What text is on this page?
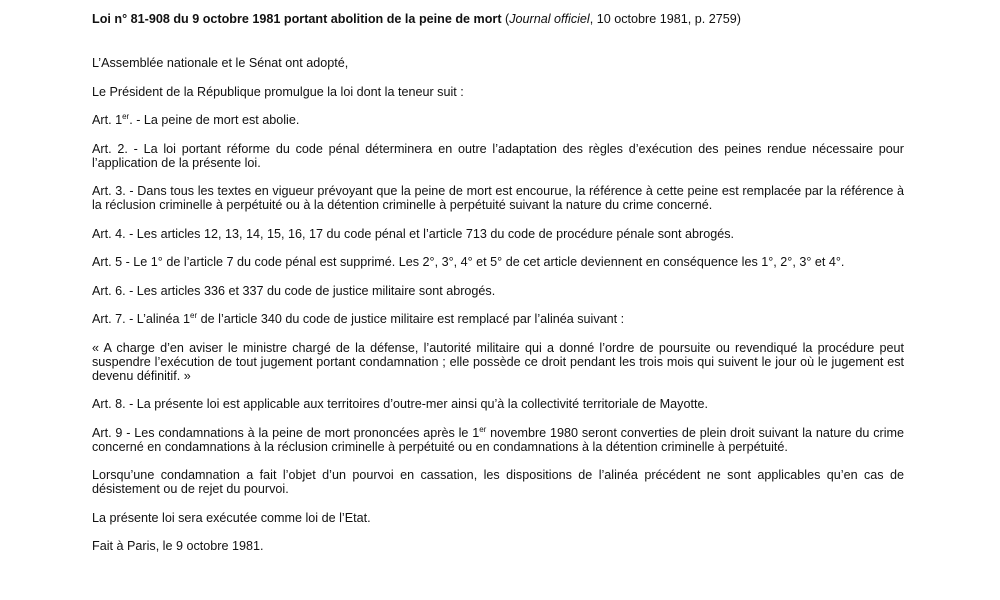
Loi n° 81-908 du 9 octobre 1981 portant abolition de la peine de mort (Journal officiel, 10 octobre 1981, p. 2759)

L’Assemblée nationale et le Sénat ont adopté,

Le Président de la République promulgue la loi dont la teneur suit :

Art. 1er. - La peine de mort est abolie.

Art. 2. - La loi portant réforme du code pénal déterminera en outre l’adaptation des règles d’exécution des peines rendue nécessaire pour l’application de la présente loi.

Art. 3. - Dans tous les textes en vigueur prévoyant que la peine de mort est encourue, la référence à cette peine est remplacée par la référence à la réclusion criminelle à perpétuité ou à la détention criminelle à perpétuité suivant la nature du crime concerné.

Art. 4. - Les articles 12, 13, 14, 15, 16, 17 du code pénal et l’article 713 du code de procédure pénale sont abrogés.

Art. 5 - Le 1° de l’article 7 du code pénal est supprimé. Les 2°, 3°, 4° et 5° de cet article deviennent en conséquence les 1°, 2°, 3° et 4°.

Art. 6. - Les articles 336 et 337 du code de justice militaire sont abrogés.

Art. 7. - L’alinéa 1er de l’article 340 du code de justice militaire est remplacé par l’alinéa suivant :

« A charge d’en aviser le ministre chargé de la défense, l’autorité militaire qui a donné l’ordre de poursuite ou revendiqué la procédure peut suspendre l’exécution de tout jugement portant condamnation ; elle possède ce droit pendant les trois mois qui suivent le jour où le jugement est devenu définitif. »

Art. 8. - La présente loi est applicable aux territoires d’outre-mer ainsi qu’à la collectivité territoriale de Mayotte.

Art. 9 - Les condamnations à la peine de mort prononcées après le 1er novembre 1980 seront converties de plein droit suivant la nature du crime concerné en condamnations à la réclusion criminelle à perpétuité ou en condamnations à la détention criminelle à perpétuité.

Lorsqu’une condamnation a fait l’objet d’un pourvoi en cassation, les dispositions de l’alinéa précédent ne sont applicables qu’en cas de désistement ou de rejet du pourvoi.

La présente loi sera exécutée comme loi de l’Etat.

Fait à Paris, le 9 octobre 1981.
